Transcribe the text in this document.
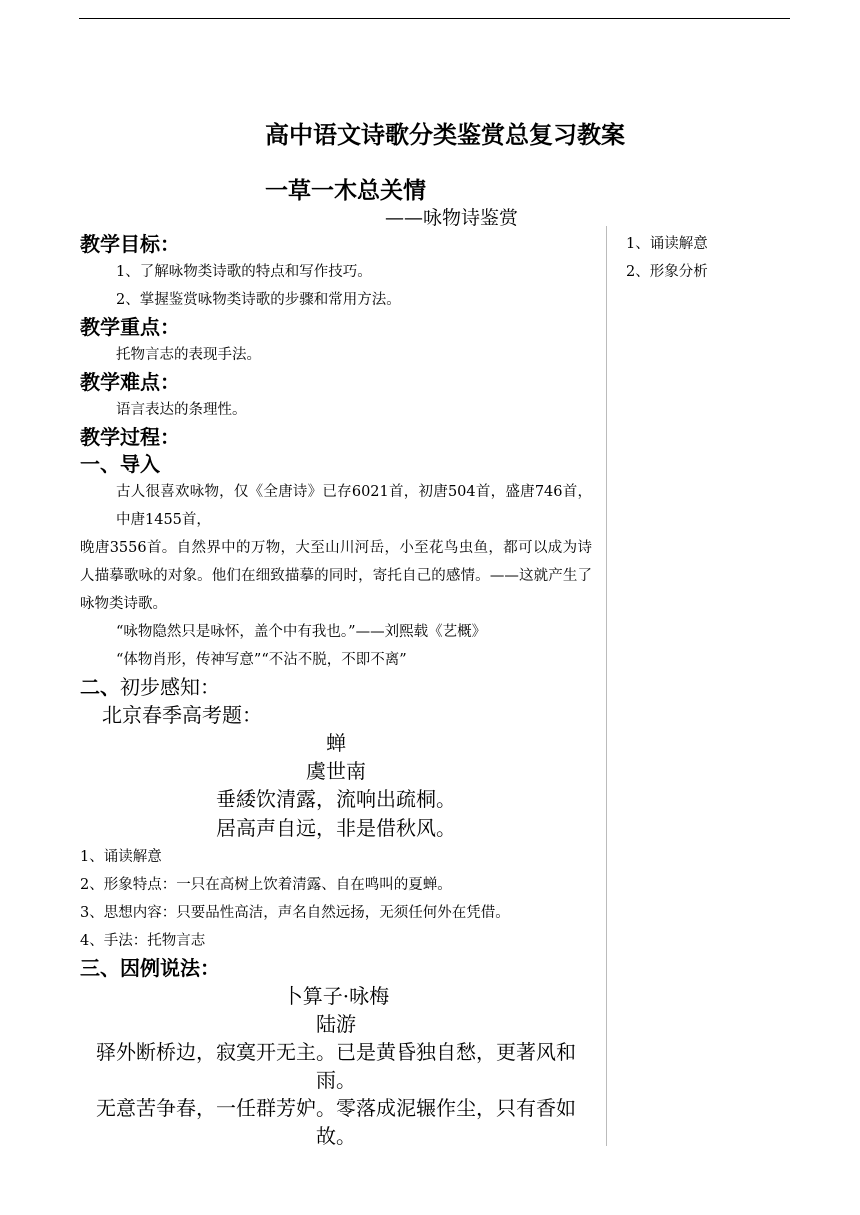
高中语文诗歌分类鉴赏总复习教案
一草一木总关情
——咏物诗鉴赏

教学目标：

1、了解咏物类诗歌的特点和写作技巧。

2、掌握鉴赏咏物类诗歌的步骤和常用方法。

教学重点：

托物言志的表现手法。

教学难点：

语言表达的条理性。

教学过程：

一、导入

古人很喜欢咏物，仅《全唐诗》已存6021首，初唐504首，盛唐746首，中唐1455首，

晚唐3556首。自然界中的万物，大至山川河岳，小至花鸟虫鱼，都可以成为诗人描摹歌咏的对象。他们在细致描摹的同时，寄托自己的感情。——这就产生了咏物类诗歌。

“咏物隐然只是咏怀，盖个中有我也。”——刘熙载《艺概》

“体物肖形，传神写意”“不沾不脱，不即不离”

二、初步感知：

北京春季高考题：

蝉

虞世南

垂緌饮清露，流响出疏桐。

居高声自远，非是借秋风。

1、诵读解意

2、形象特点：一只在高树上饮着清露、自在鸣叫的夏蝉。

3、思想内容：只要品性高洁，声名自然远扬，无须任何外在凭借。

4、手法：托物言志

三、因例说法：

卜算子·咏梅

陆游

驿外断桥边，寂寞开无主。已是黄昏独自愁，更著风和雨。

无意苦争春，一任群芳妒。零落成泥辗作尘，只有香如故。

1、诵读解意
2、形象分析
